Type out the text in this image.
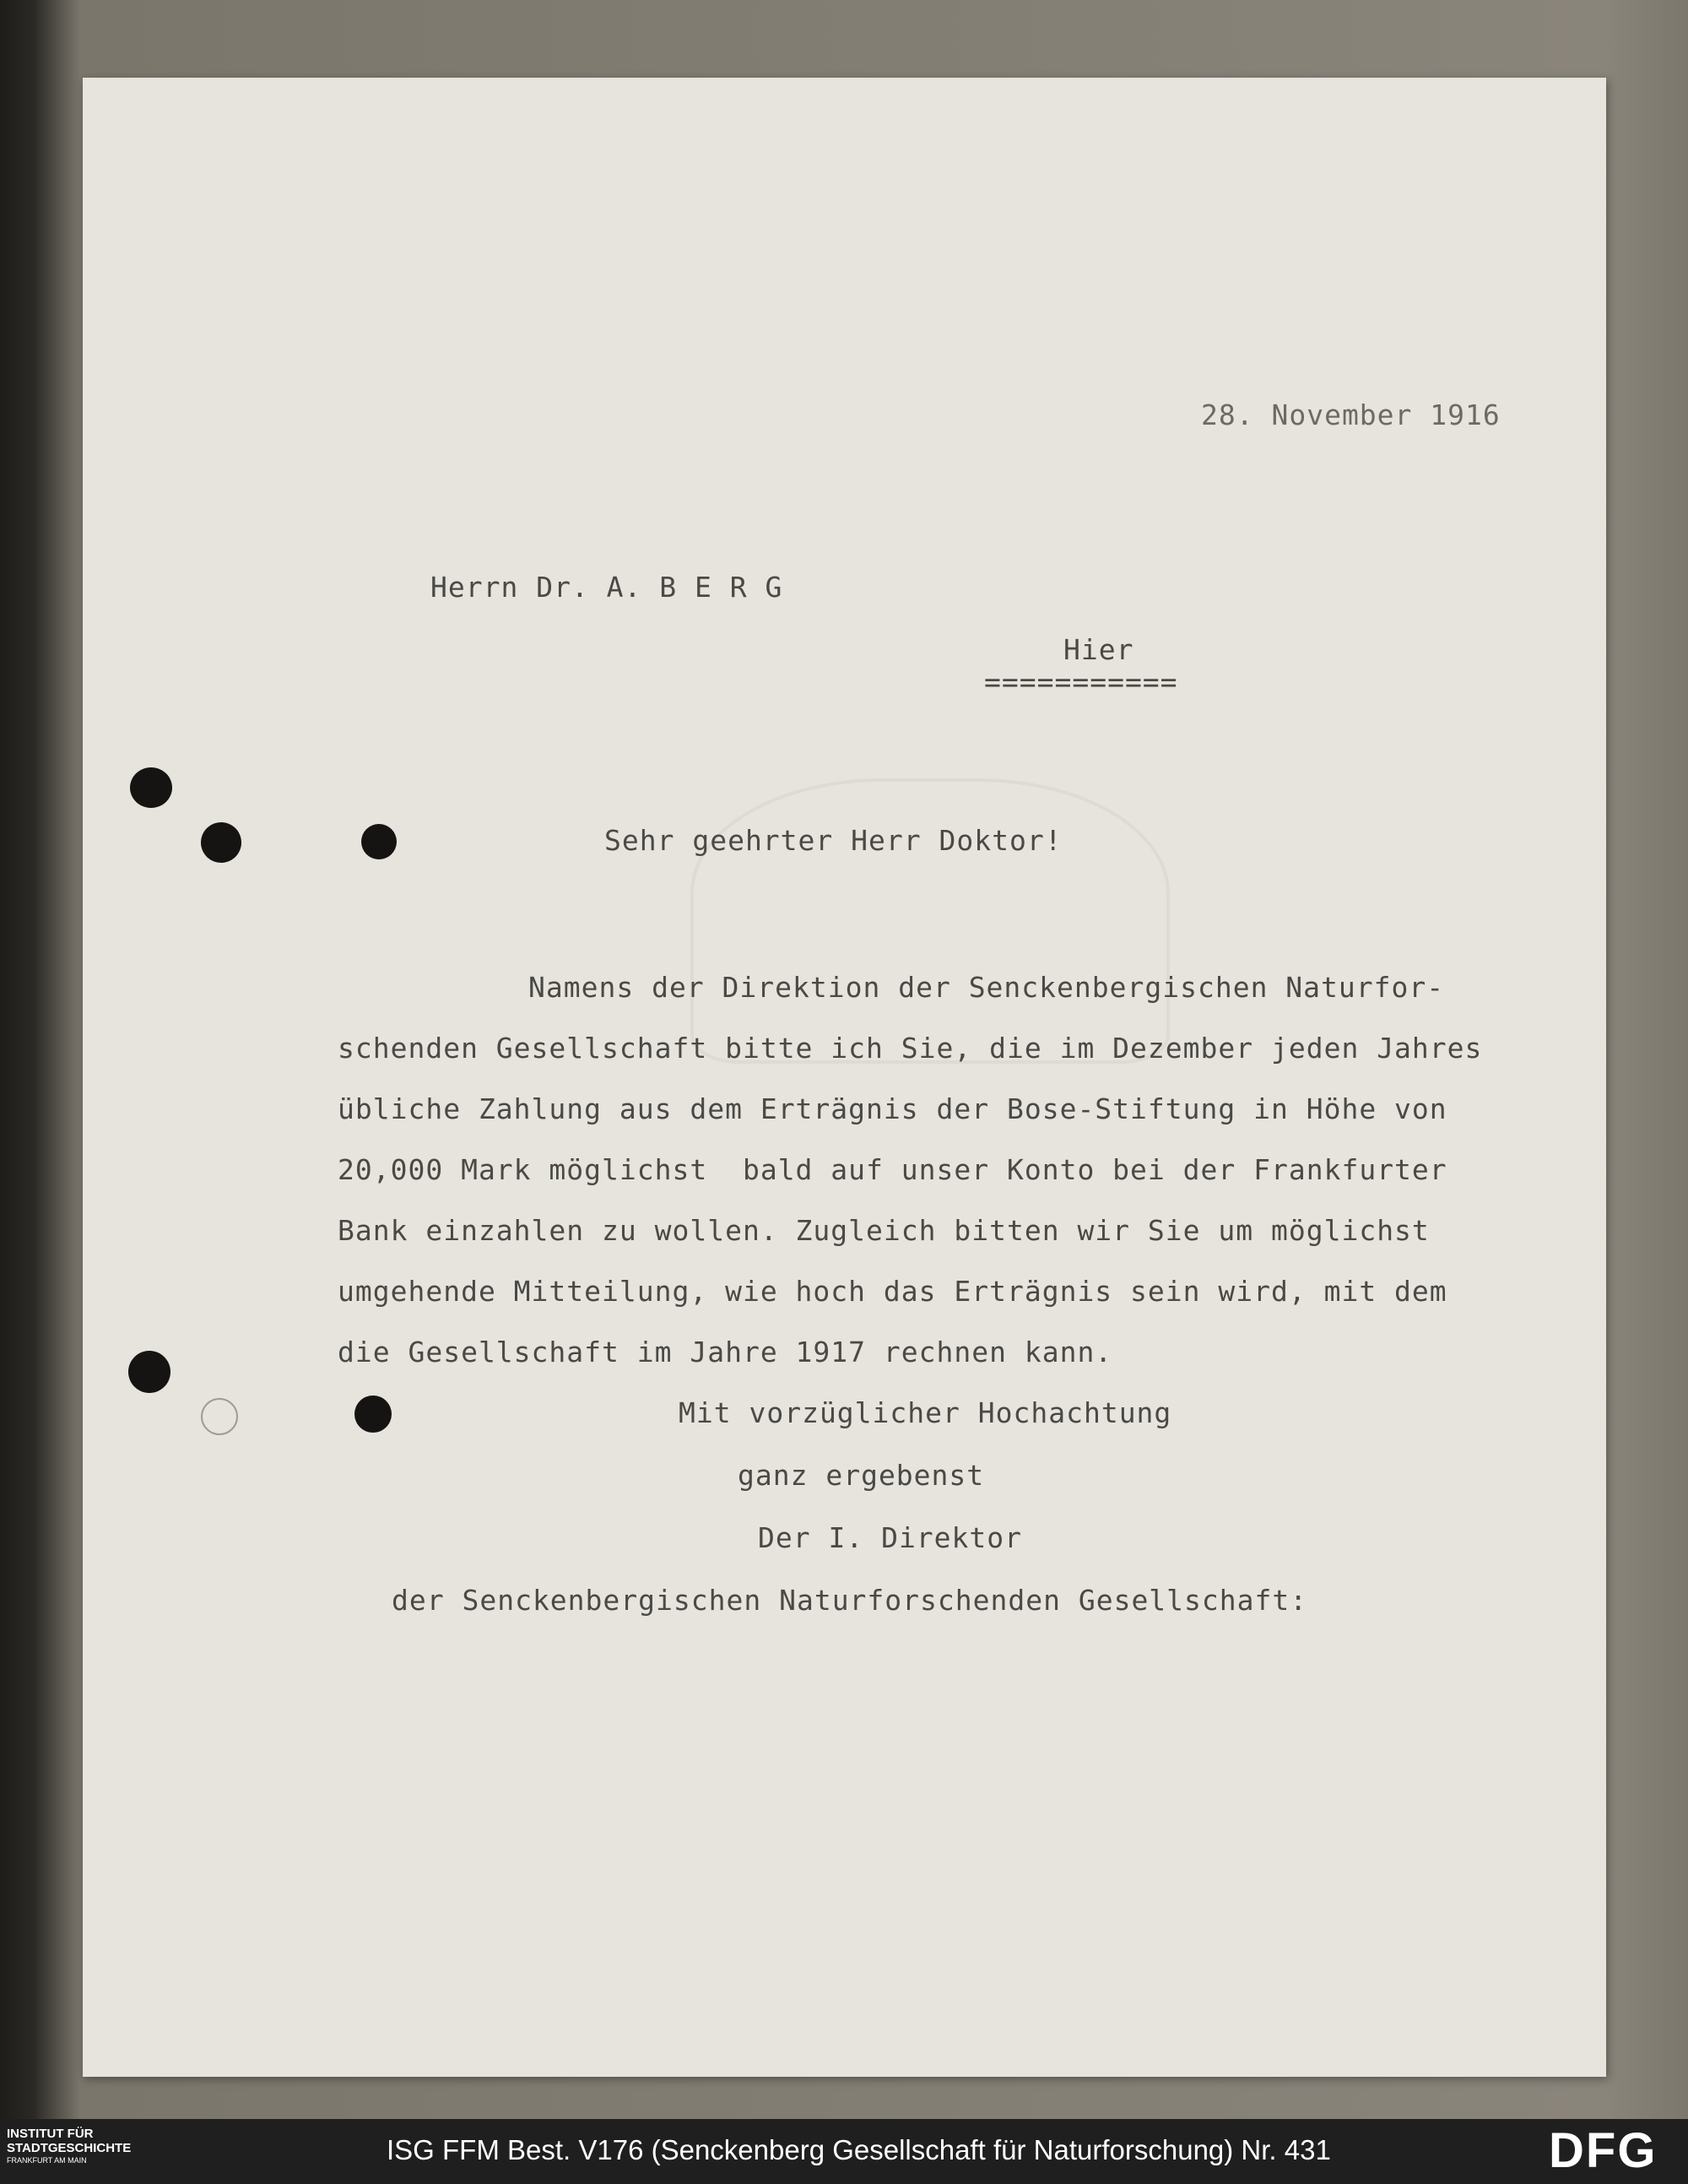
28. November 1916
Herrn Dr. A. B E R G
Hier
===========
Sehr geehrter Herr Doktor!
Namens der Direktion der Senckenbergischen Naturfor-
schenden Gesellschaft bitte ich Sie, die im Dezember jeden Jahres
übliche Zahlung aus dem Erträgnis der Bose-Stiftung in Höhe von
20,000 Mark möglichst  bald auf unser Konto bei der Frankfurter
Bank einzahlen zu wollen. Zugleich bitten wir Sie um möglichst
umgehende Mitteilung, wie hoch das Erträgnis sein wird, mit dem
die Gesellschaft im Jahre 1917 rechnen kann.
Mit vorzüglicher Hochachtung
ganz ergebenst
Der I. Direktor
der Senckenbergischen Naturforschenden Gesellschaft:
INSTITUT FÜR
STADTGESCHICHTE
FRANKFURT AM MAIN	ISG FFM Best. V176 (Senckenberg Gesellschaft für Naturforschung) Nr. 431	DFG
